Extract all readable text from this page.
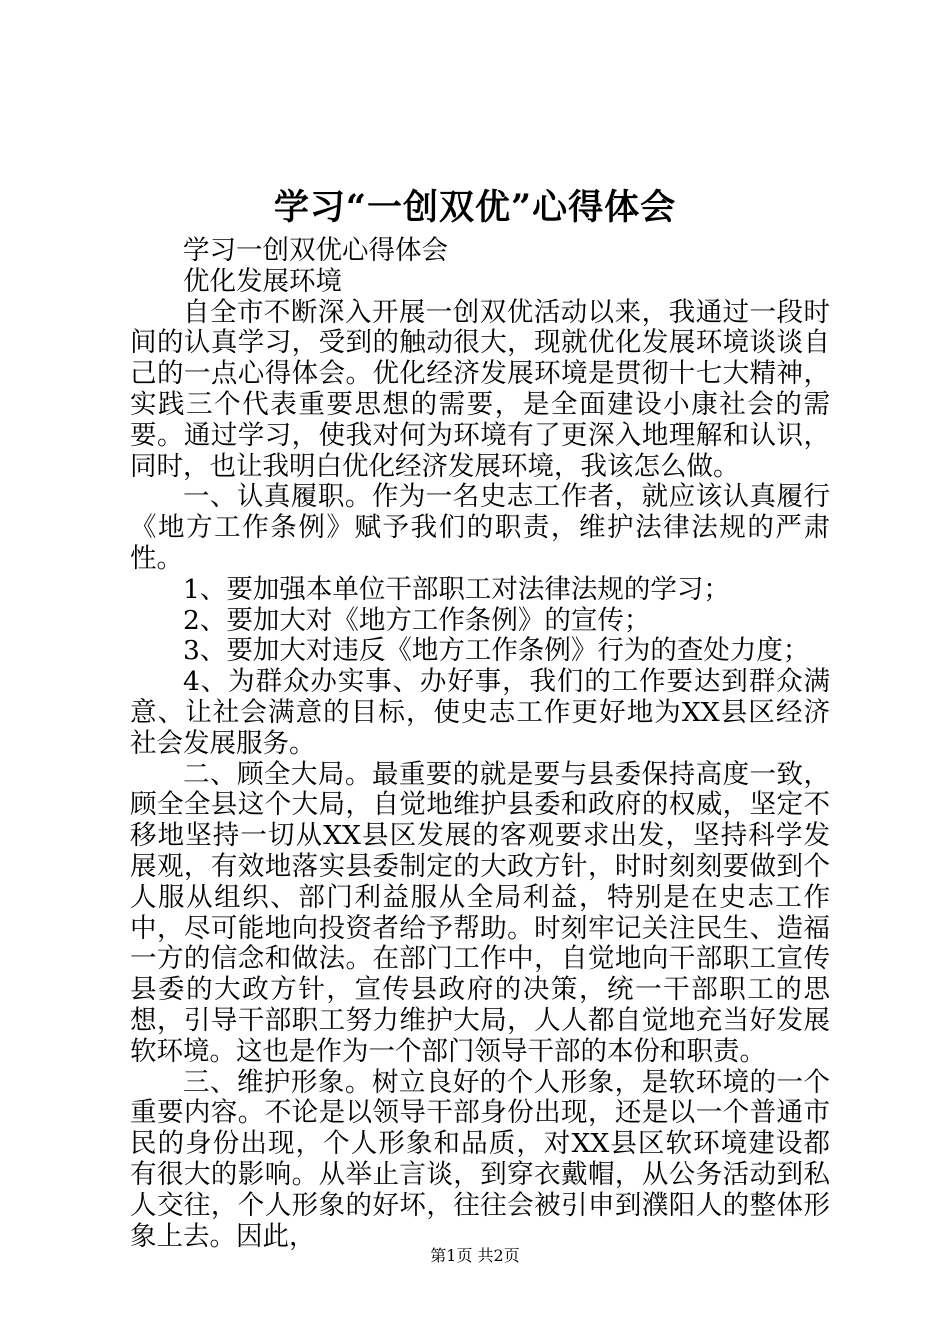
学习“一创双优”心得体会

学习一创双优心得体会

优化发展环境

自全市不断深入开展一创双优活动以来，我通过一段时间的认真学习，受到的触动很大，现就优化发展环境谈谈自己的一点心得体会。优化经济发展环境是贯彻十七大精神，实践三个代表重要思想的需要，是全面建设小康社会的需要。通过学习，使我对何为环境有了更深入地理解和认识，同时，也让我明白优化经济发展环境，我该怎么做。

一、认真履职。作为一名史志工作者，就应该认真履行《地方工作条例》赋予我们的职责，维护法律法规的严肃性。

1、要加强本单位干部职工对法律法规的学习；

2、要加大对《地方工作条例》的宣传；

3、要加大对违反《地方工作条例》行为的查处力度；

4、为群众办实事、办好事，我们的工作要达到群众满意、让社会满意的目标，使史志工作更好地为XX县区经济社会发展服务。

二、顾全大局。最重要的就是要与县委保持高度一致，顾全全县这个大局，自觉地维护县委和政府的权威，坚定不移地坚持一切从XX县区发展的客观要求出发，坚持科学发展观，有效地落实县委制定的大政方针，时时刻刻要做到个人服从组织、部门利益服从全局利益，特别是在史志工作中，尽可能地向投资者给予帮助。时刻牢记关注民生、造福一方的信念和做法。在部门工作中，自觉地向干部职工宣传县委的大政方针，宣传县政府的决策，统一干部职工的思想，引导干部职工努力维护大局，人人都自觉地充当好发展软环境。这也是作为一个部门领导干部的本份和职责。

三、维护形象。树立良好的个人形象，是软环境的一个重要内容。不论是以领导干部身份出现，还是以一个普通市民的身份出现，个人形象和品质，对XX县区软环境建设都有很大的影响。从举止言谈，到穿衣戴帽，从公务活动到私人交往，个人形象的好坏，往往会被引申到濮阳人的整体形象上去。因此，

第1页 共2页
